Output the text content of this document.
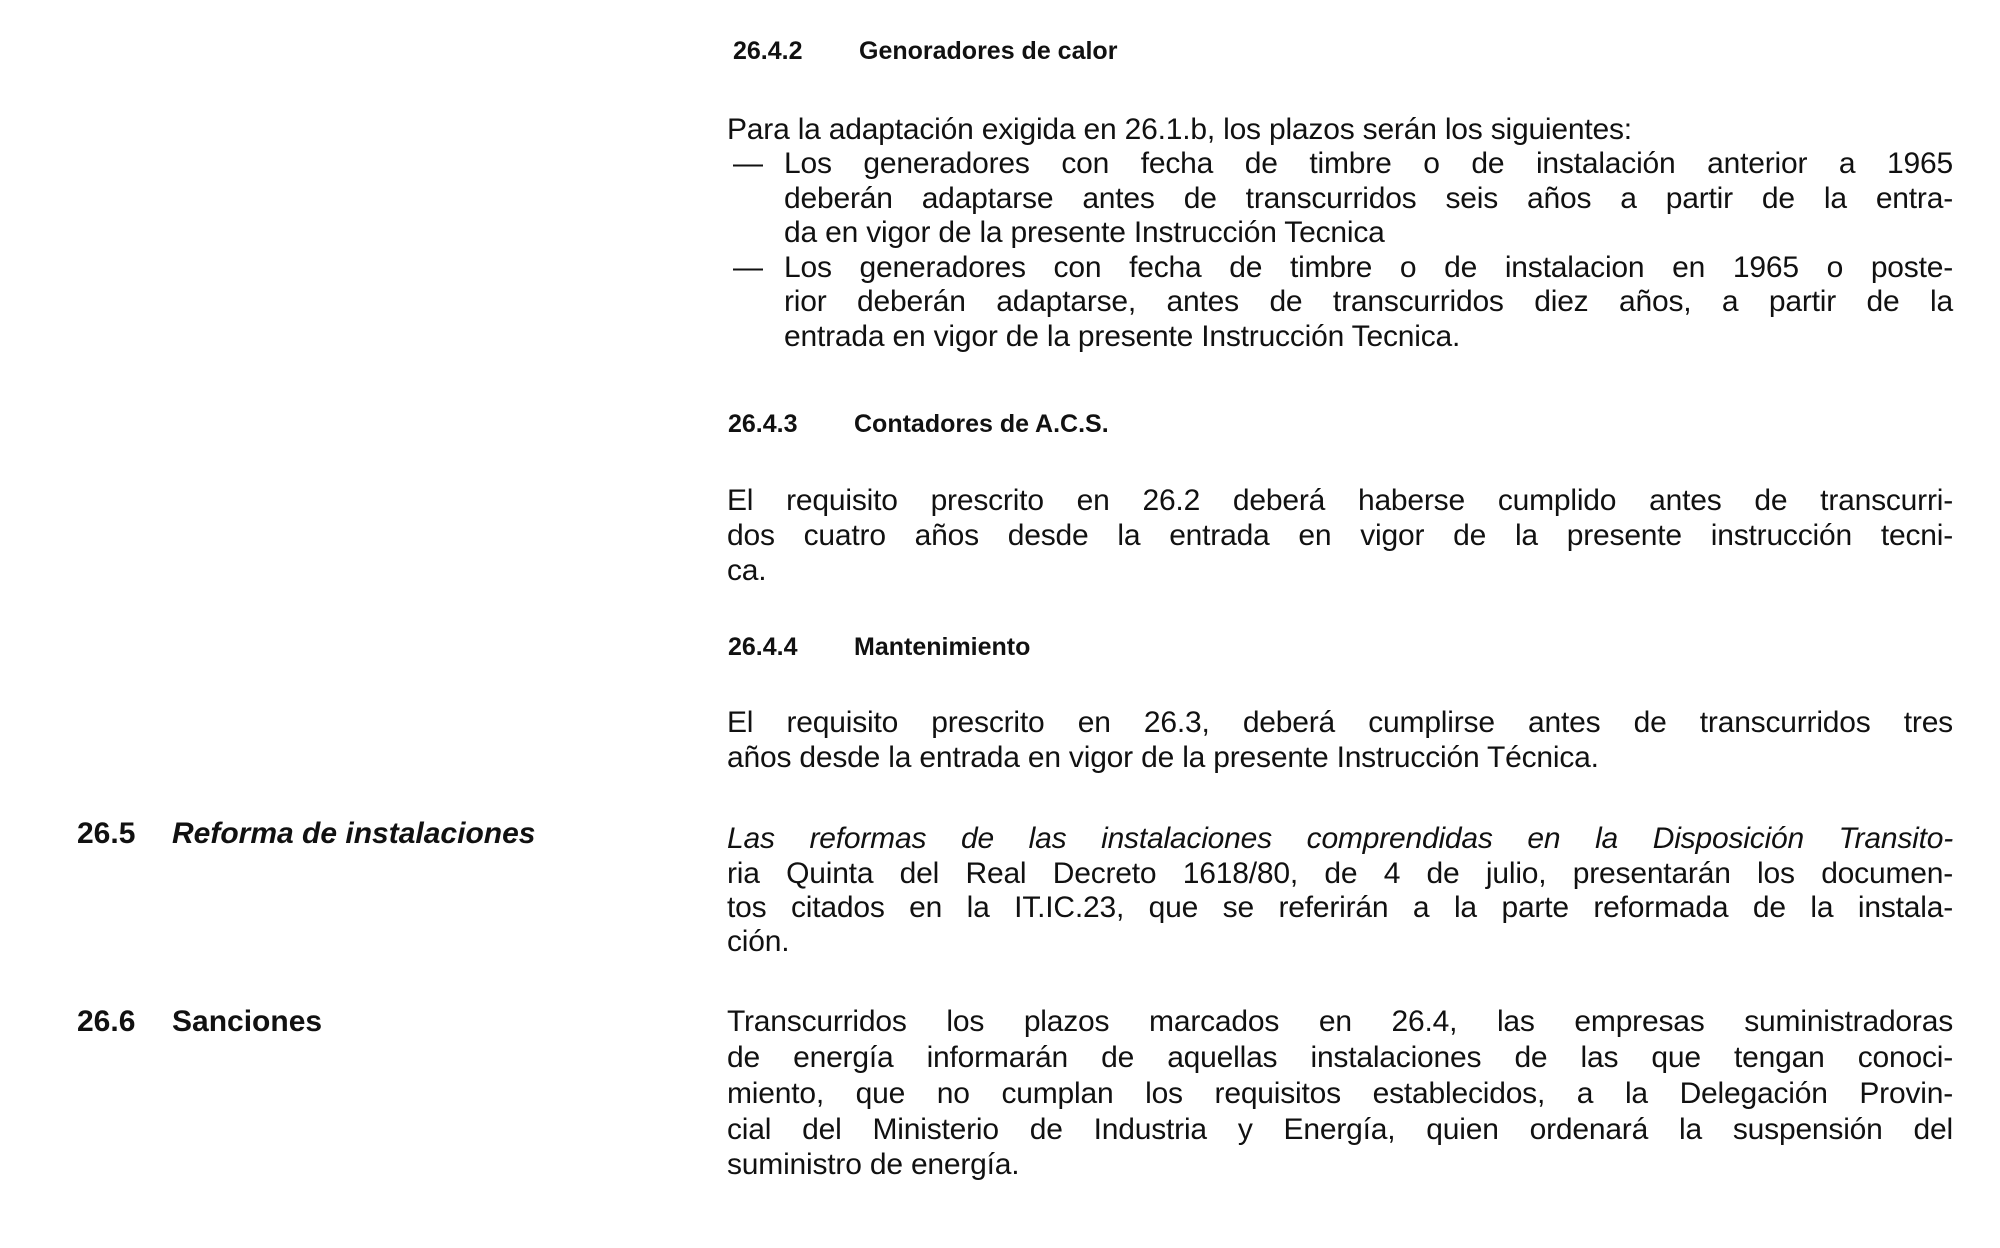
26.4.2 Genoradores de calor
Para la adaptación exigida en 26.1.b, los plazos serán los siguientes:
— Los generadores con fecha de timbre o de instalación anterior a 1965
deberán adaptarse antes de transcurridos seis años a partir de la entra-
da en vigor de la presente Instrucción Tecnica
— Los generadores con fecha de timbre o de instalacion en 1965 o poste-
rior deberán adaptarse, antes de transcurridos diez años, a partir de la
entrada en vigor de la presente Instrucción Tecnica.
26.4.3 Contadores de A.C.S.
El requisito prescrito en 26.2 deberá haberse cumplido antes de transcurri-
dos cuatro años desde la entrada en vigor de la presente instrucción tecni-
ca.
26.4.4 Mantenimiento
El requisito prescrito en 26.3, deberá cumplirse antes de transcurridos tres
años desde la entrada en vigor de la presente Instrucción Técnica.
26.5 Reforma de instalaciones	Las reformas de las instalaciones comprendidas en la Disposición Transito-
ria Quinta del Real Decreto 1618/80, de 4 de julio, presentarán los documen-
tos citados en la IT.IC.23, que se referirán a la parte reformada de la instala-
ción.
26.6 Sanciones	Transcurridos los plazos marcados en 26.4, las empresas suministradoras
de energía informarán de aquellas instalaciones de las que tengan conoci-
miento, que no cumplan los requisitos establecidos, a la Delegación Provin-
cial del Ministerio de Industria y Energía, quien ordenará la suspensión del
suministro de energía.
